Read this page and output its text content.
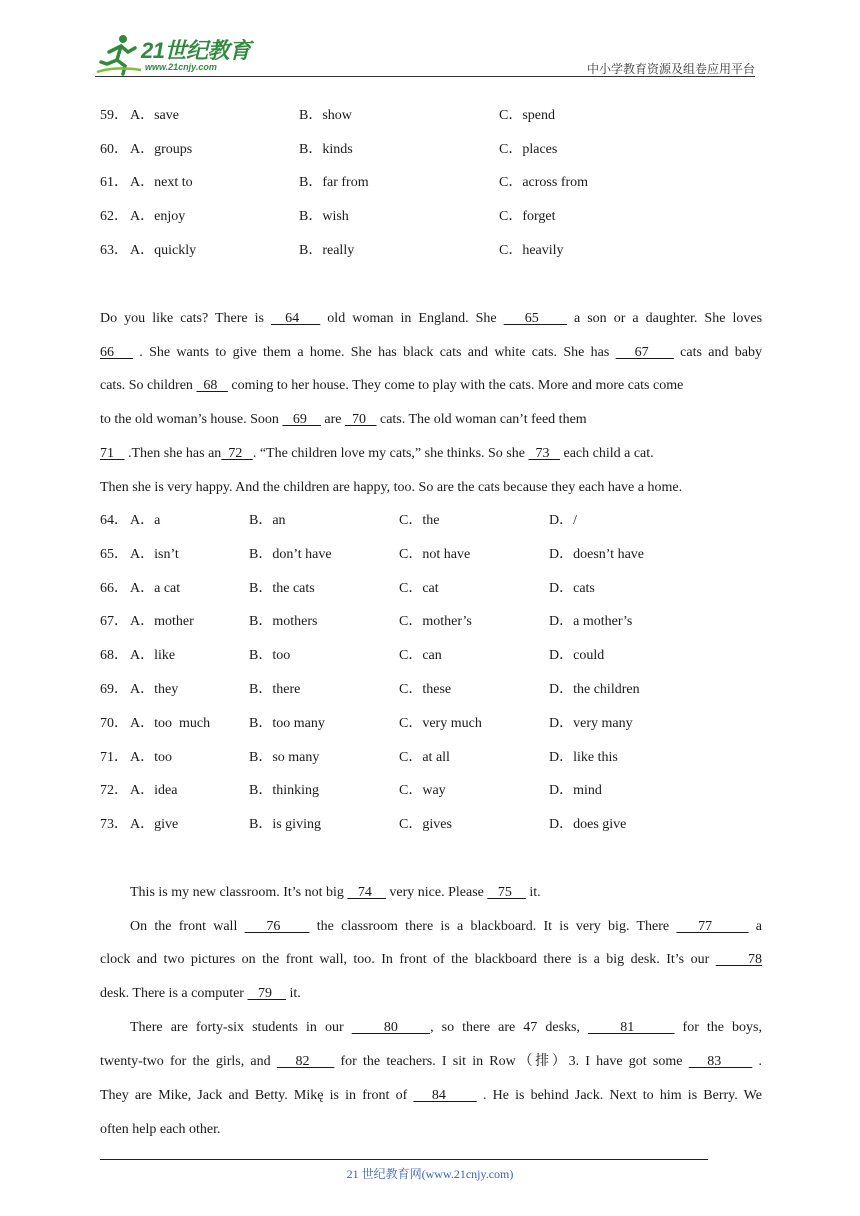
21世纪教育
www.21cnjy.com	中小学教育资源及组卷应用平台
59． A．save	B．show	C．spend
60． A．groups	B．kinds	C．places
61． A．next to	B．far from	C．across from
62． A．enjoy	B．wish	C．forget
63． A．quickly	B．really	C．heavily
Do you like cats? There is   64    old woman in England. She    65     a son or a daughter. She loves
66    . She wants to give them a home. She has black cats and white cats. She has    67     cats and baby
cats. So children   68    coming to her house. They come to play with the cats. More and more cats come
to the old woman’s house. Soon    69     are   70    cats. The old woman can’t feed them
71    .Then she has an  72   . “The children love my cats,” she thinks. So she   73    each child a cat.
Then she is very happy. And the children are happy, too. So are the cats because they each have a home.
64． A．a	B．an	C．the	D．/
65． A．isn’t	B．don’t have	C．not have	D．doesn’t have
66． A．a cat	B．the cats	C．cat	D．cats
67． A．mother	B．mothers	C．mother’s	D．a mother’s
68． A．like	B．too	C．can	D．could
69． A．they	B．there	C．these	D．the children
70． A．too  much	B．too many	C．very much	D．very many
71． A．too	B．so many	C．at all	D．like this
72． A．idea	B．thinking	C．way	D．mind
73． A．give	B．is giving	C．gives	D．does give
This is my new classroom. It’s not big    74     very nice. Please    75     it.
On the front wall    76     the classroom there is a blackboard. It is very big. There    77      a
clock and two pictures on the front wall, too. In front of the blackboard there is a big desk. It’s our      78
desk. There is a computer    79     it.
There are forty-six students in our     80    , so there are 47 desks,     81      for the boys,
twenty-two for the girls, and    82     for the teachers. I sit in Row（排）3. I have got some    83      .
They are Mike, Jack and Betty. Mikę is in front of    84      . He is behind Jack. Next to him is Berry. We
often help each other.
21 世纪教育网(www.21cnjy.com)
